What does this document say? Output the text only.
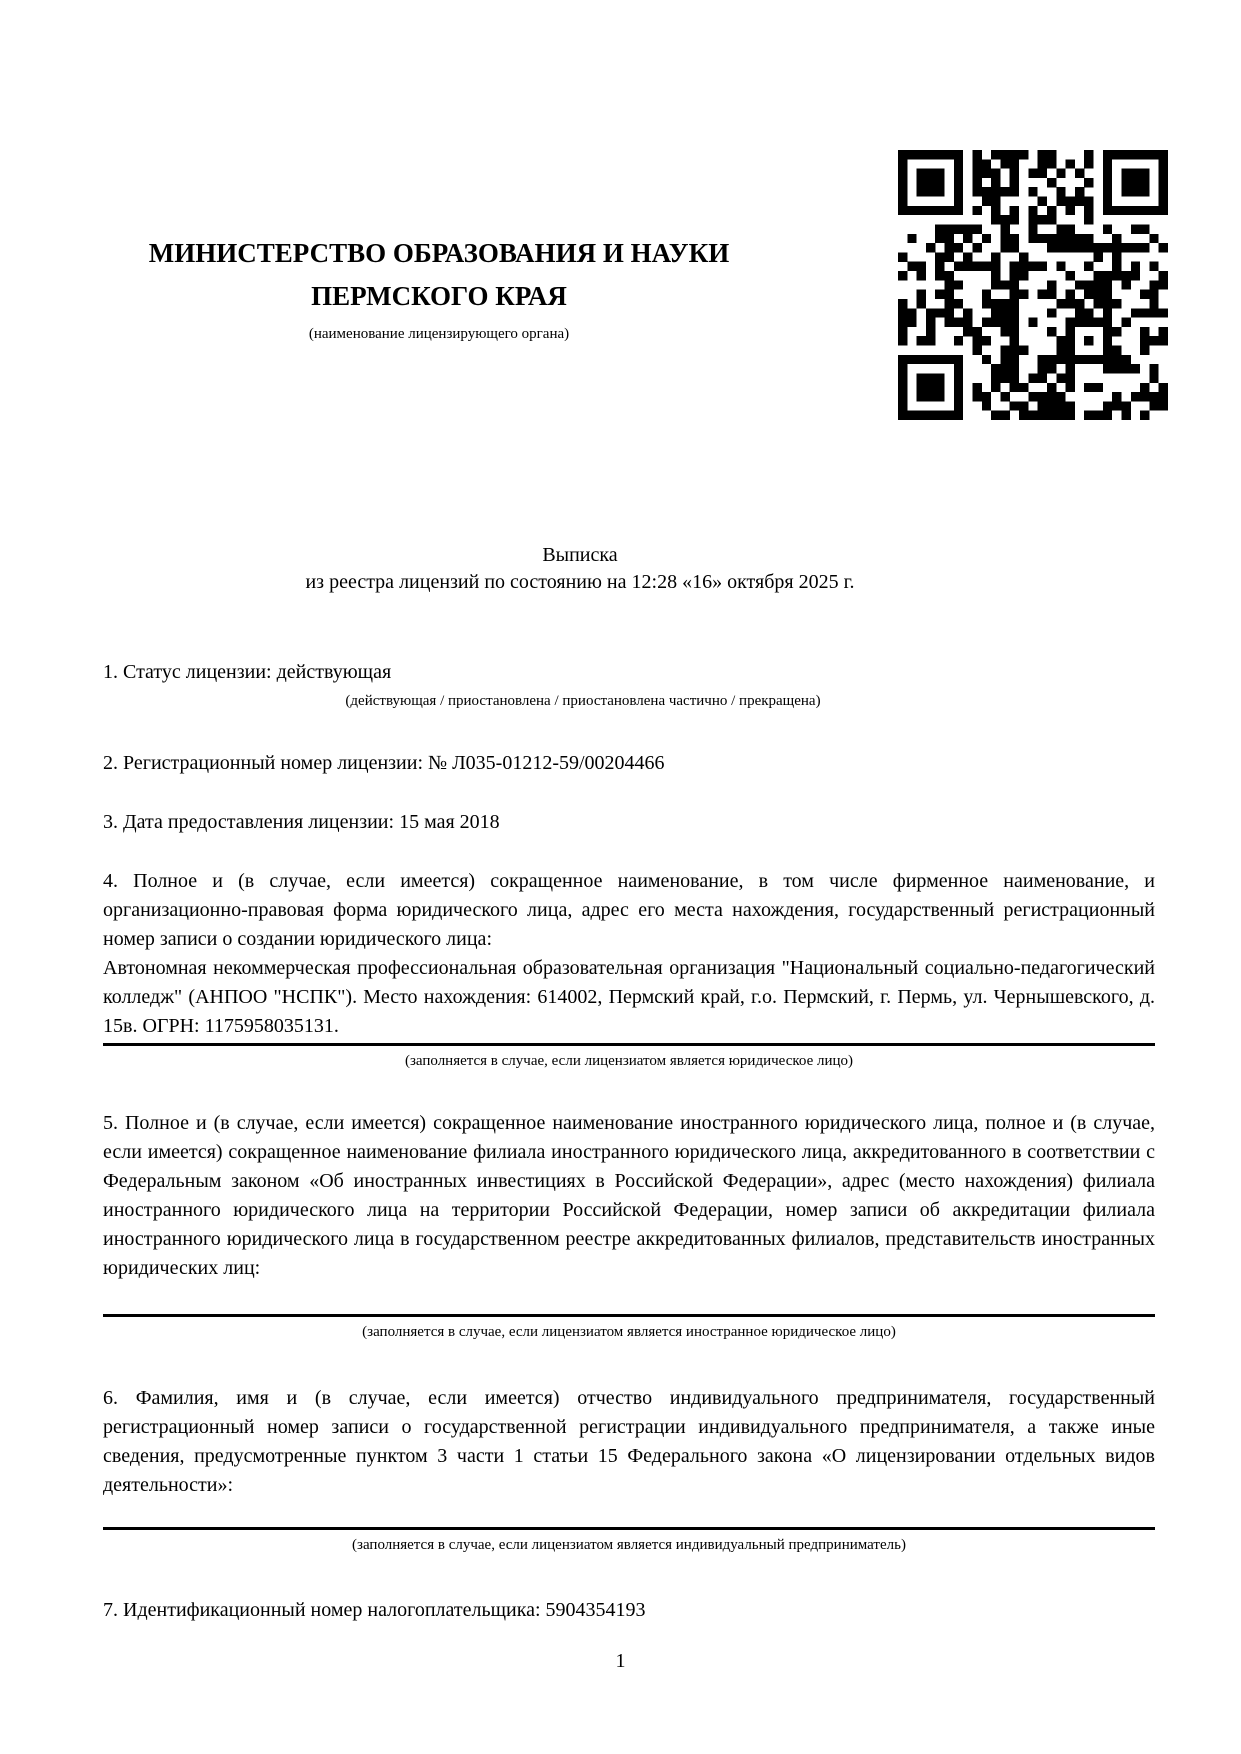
МИНИСТЕРСТВО ОБРАЗОВАНИЯ И НАУКИ
ПЕРМСКОГО КРАЯ
(наименование лицензирующего органа)
Выписка
из реестра лицензий по состоянию на 12:28 «16» октября 2025 г.
1. Статус лицензии: действующая
(действующая / приостановлена / приостановлена частично / прекращена)
2. Регистрационный номер лицензии: № Л035-01212-59/00204466
3. Дата предоставления лицензии: 15 мая 2018
4. Полное и (в случае, если имеется) сокращенное наименование, в том числе фирменное наименование, и организационно-правовая форма юридического лица, адрес его места нахождения, государственный регистрационный номер записи о создании юридического лица:
Автономная некоммерческая профессиональная образовательная организация "Национальный социально-педагогический колледж" (АНПОО "НСПК"). Место нахождения: 614002, Пермский край, г.о. Пермский, г. Пермь, ул. Чернышевского, д. 15в. ОГРН: 1175958035131.
(заполняется в случае, если лицензиатом является юридическое лицо)
5. Полное и (в случае, если имеется) сокращенное наименование иностранного юридического лица, полное и (в случае, если имеется) сокращенное наименование филиала иностранного юридического лица, аккредитованного в соответствии с Федеральным законом «Об иностранных инвестициях в Российской Федерации», адрес (место нахождения) филиала иностранного юридического лица на территории Российской Федерации, номер записи об аккредитации филиала иностранного юридического лица в государственном реестре аккредитованных филиалов, представительств иностранных юридических лиц:
(заполняется в случае, если лицензиатом является иностранное юридическое лицо)
6. Фамилия, имя и (в случае, если имеется) отчество индивидуального предпринимателя, государственный регистрационный номер записи о государственной регистрации индивидуального предпринимателя, а также иные сведения, предусмотренные пунктом 3 части 1 статьи 15 Федерального закона «О лицензировании отдельных видов деятельности»:
(заполняется в случае, если лицензиатом является индивидуальный предприниматель)
7. Идентификационный номер налогоплательщика: 5904354193
1
